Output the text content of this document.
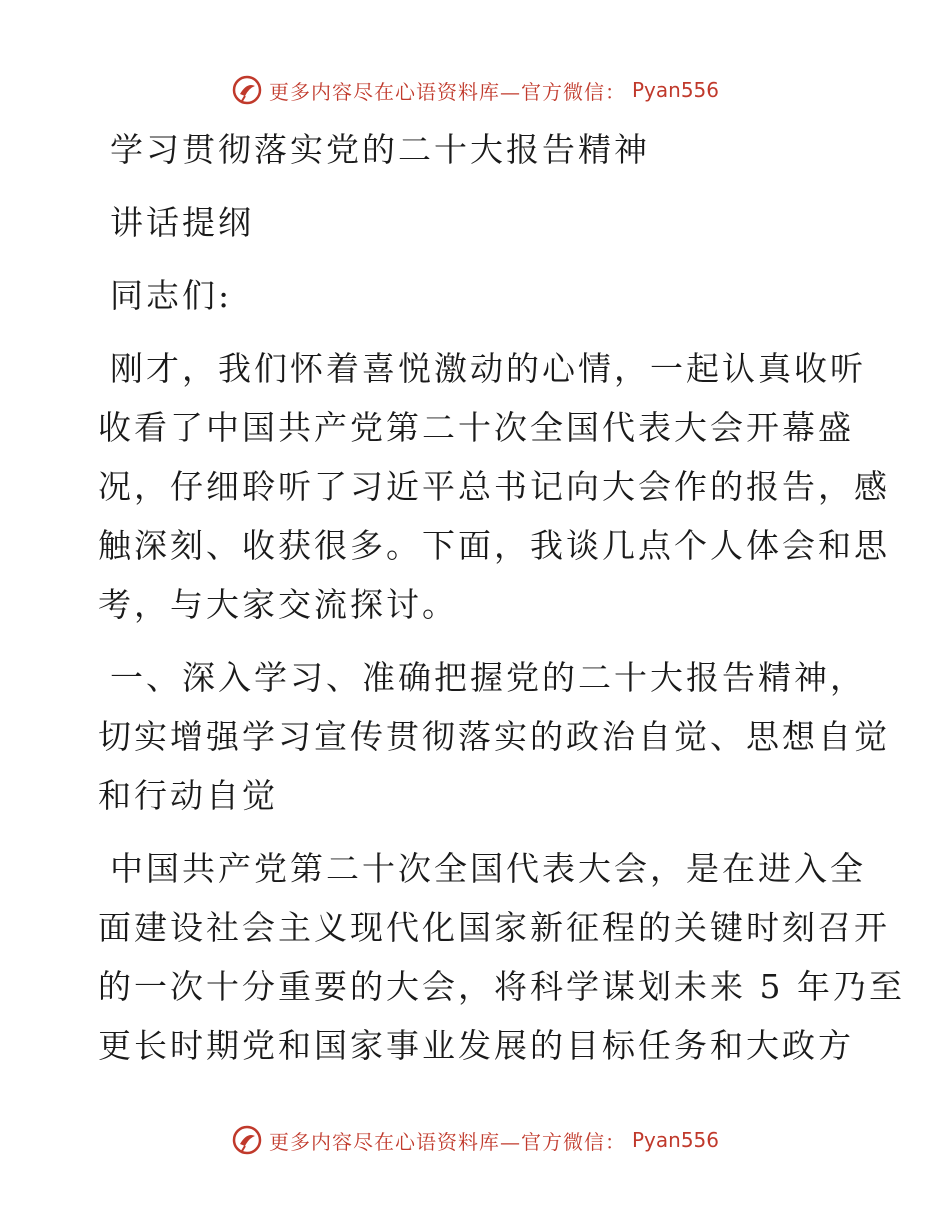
更多内容尽在心语资料库—官方微信： Pyan556

学习贯彻落实党的二十大报告精神

讲话提纲

同志们:

刚才，我们怀着喜悦激动的心情，一起认真收听

收看了中国共产党第二十次全国代表大会开幕盛

况，仔细聆听了习近平总书记向大会作的报告，感

触深刻、收获很多。下面，我谈几点个人体会和思

考，与大家交流探讨。

一、深入学习、准确把握党的二十大报告精神，

切实增强学习宣传贯彻落实的政治自觉、思想自觉

和行动自觉

中国共产党第二十次全国代表大会，是在进入全

面建设社会主义现代化国家新征程的关键时刻召开

的一次十分重要的大会，将科学谋划未来 5 年乃至

更长时期党和国家事业发展的目标任务和大政方

更多内容尽在心语资料库—官方微信： Pyan556
